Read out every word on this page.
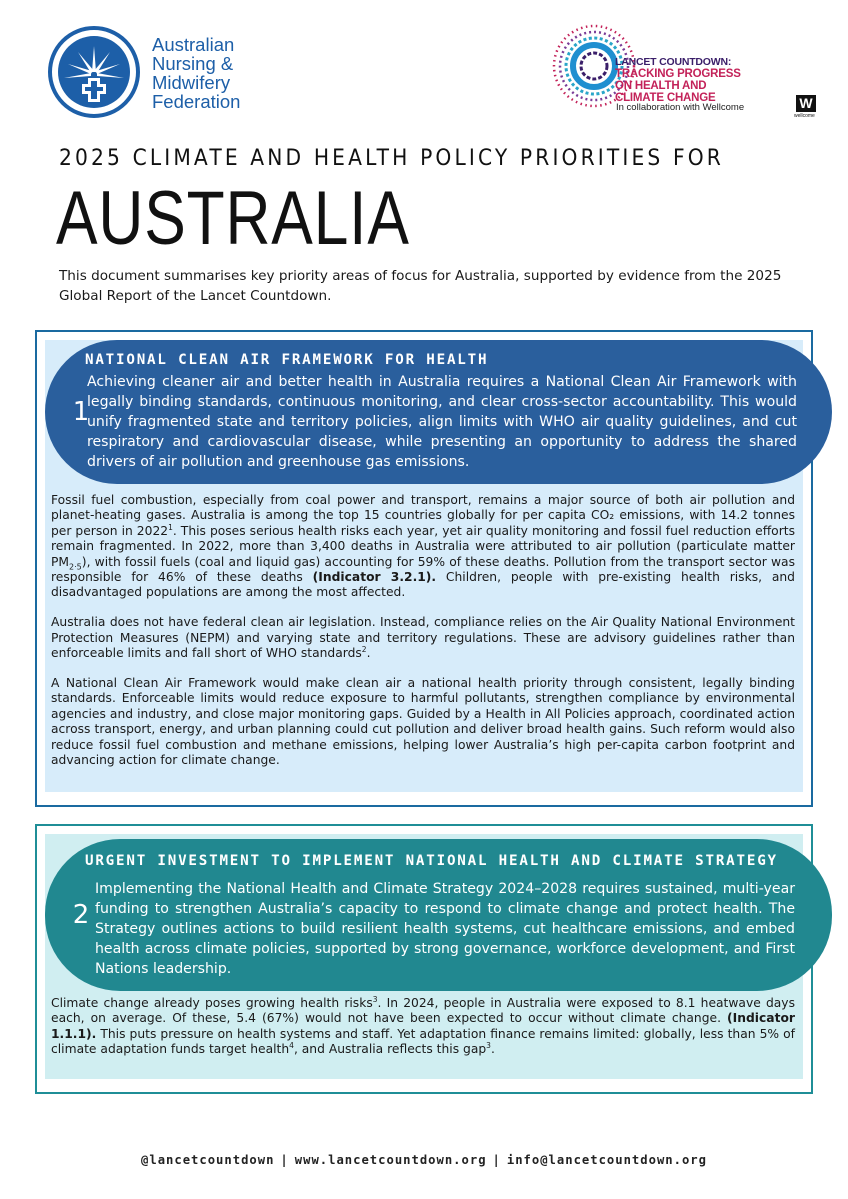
Australian
Nursing &
Midwifery
Federation
LANCET COUNTDOWN:
TRACKING PROGRESS
ON HEALTH AND
CLIMATE CHANGE
In collaboration with Wellcome	W
wellcome
2025 CLIMATE AND HEALTH POLICY PRIORITIES FOR
AUSTRALIA
This document summarises key priority areas of focus for Australia, supported by evidence from the 2025 Global Report of the Lancet Countdown.
1
NATIONAL CLEAN AIR FRAMEWORK FOR HEALTH
Achieving cleaner air and better health in Australia requires a National Clean Air Framework with legally binding standards, continuous monitoring, and clear cross-sector accountability. This would unify fragmented state and territory policies, align limits with WHO air quality guidelines, and cut respiratory and cardiovascular disease, while presenting an opportunity to address the shared drivers of air pollution and greenhouse gas emissions.

Fossil fuel combustion, especially from coal power and transport, remains a major source of both air pollution and planet-heating gases. Australia is among the top 15 countries globally for per capita CO₂ emissions, with 14.2 tonnes per person in 2022$^1$. This poses serious health risks each year, yet air quality monitoring and fossil fuel reduction efforts remain fragmented. In 2022, more than 3,400 deaths in Australia were attributed to air pollution (particulate matter $PM_{2\cdot 5}$), with fossil fuels (coal and liquid gas) accounting for 59% of these deaths. Pollution from the transport sector was responsible for 46% of these deaths (Indicator 3.2.1). Children, people with pre-existing health risks, and disadvantaged populations are among the most affected.

Australia does not have federal clean air legislation. Instead, compliance relies on the Air Quality National Environment Protection Measures (NEPM) and varying state and territory regulations. These are advisory guidelines rather than enforceable limits and fall short of WHO standards$^2$.

A National Clean Air Framework would make clean air a national health priority through consistent, legally binding standards. Enforceable limits would reduce exposure to harmful pollutants, strengthen compliance by environmental agencies and industry, and close major monitoring gaps. Guided by a Health in All Policies approach, coordinated action across transport, energy, and urban planning could cut pollution and deliver broad health gains. Such reform would also reduce fossil fuel combustion and methane emissions, helping lower Australia’s high per-capita carbon footprint and advancing action for climate change.

2
URGENT INVESTMENT TO IMPLEMENT NATIONAL HEALTH AND CLIMATE STRATEGY
Implementing the National Health and Climate Strategy 2024–2028 requires sustained, multi-year funding to strengthen Australia’s capacity to respond to climate change and protect health. The Strategy outlines actions to build resilient health systems, cut healthcare emissions, and embed health across climate policies, supported by strong governance, workforce development, and First Nations leadership.

Climate change already poses growing health risks$^3$. In 2024, people in Australia were exposed to 8.1 heatwave days each, on average. Of these, 5.4 (67%) would not have been expected to occur without climate change. (Indicator 1.1.1). This puts pressure on health systems and staff. Yet adaptation finance remains limited: globally, less than 5% of climate adaptation funds target health$^4$, and Australia reflects this gap$^3$.

@lancetcountdown | www.lancetcountdown.org | info@lancetcountdown.org
